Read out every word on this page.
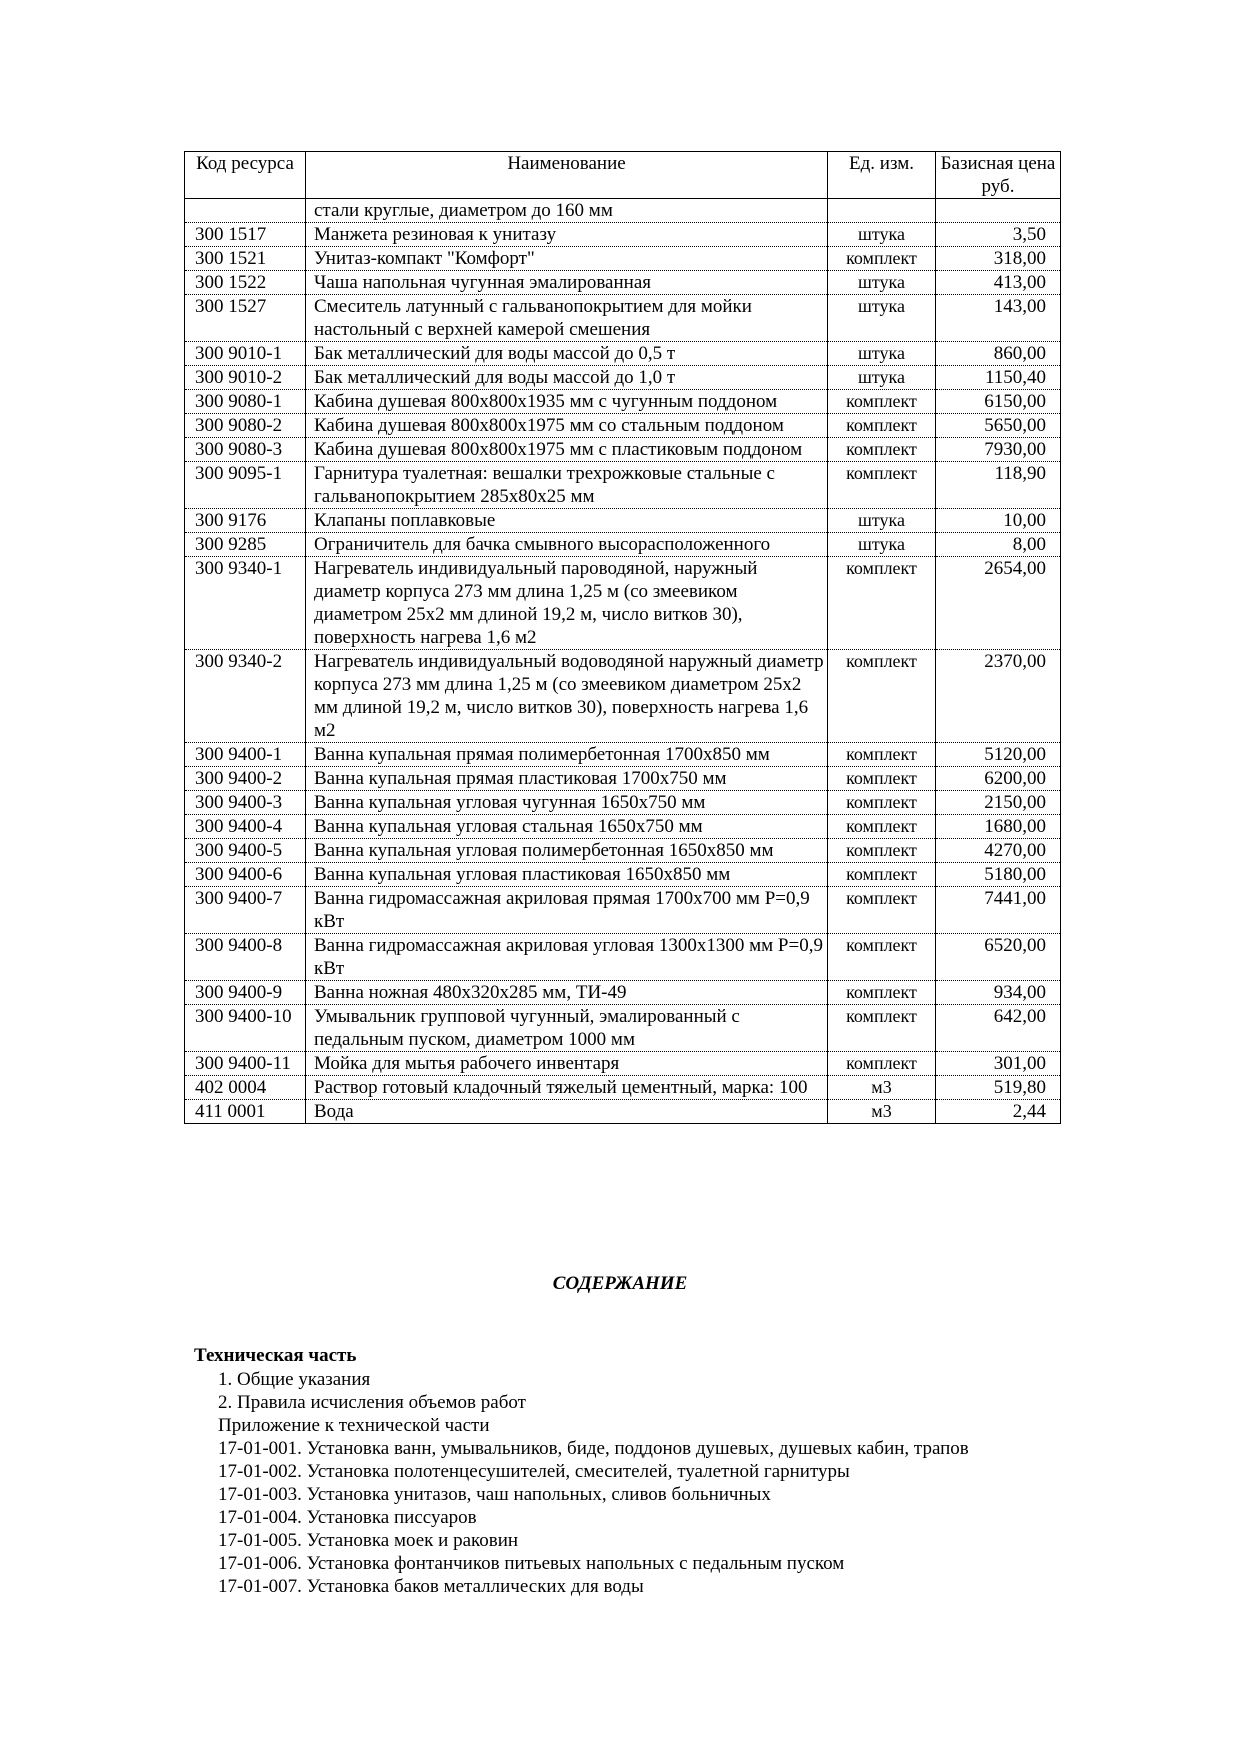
Код ресурса	Наименование	Ед. изм.	Базисная цена руб.
	стали круглые, диаметром до 160 мм		
300 1517	Манжета резиновая к унитазу	штука	3,50
300 1521	Унитаз-компакт "Комфорт"	комплект	318,00
300 1522	Чаша напольная чугунная эмалированная	штука	413,00
300 1527	Смеситель латунный с гальванопокрытием для мойки настольный с верхней камерой смешения	штука	143,00
300 9010-1	Бак металлический для воды массой до 0,5 т	штука	860,00
300 9010-2	Бак металлический для воды массой до 1,0 т	штука	1150,40
300 9080-1	Кабина душевая 800х800х1935 мм с чугунным поддоном	комплект	6150,00
300 9080-2	Кабина душевая 800х800х1975 мм со стальным поддоном	комплект	5650,00
300 9080-3	Кабина душевая 800х800х1975 мм с пластиковым поддоном	комплект	7930,00
300 9095-1	Гарнитура туалетная: вешалки трехрожковые стальные с гальванопокрытием 285х80х25 мм	комплект	118,90
300 9176	Клапаны поплавковые	штука	10,00
300 9285	Ограничитель для бачка смывного высорасположенного	штука	8,00
300 9340-1	Нагреватель индивидуальный пароводяной, наружный диаметр корпуса 273 мм длина 1,25 м (со змеевиком диаметром 25х2 мм длиной 19,2 м, число витков 30), поверхность нагрева 1,6 м2	комплект	2654,00
300 9340-2	Нагреватель индивидуальный водоводяной наружный диаметр корпуса 273 мм длина 1,25 м (со змеевиком диаметром 25х2 мм длиной 19,2 м, число витков 30), поверхность нагрева 1,6 м2	комплект	2370,00
300 9400-1	Ванна купальная прямая полимербетонная 1700х850 мм	комплект	5120,00
300 9400-2	Ванна купальная прямая пластиковая 1700х750 мм	комплект	6200,00
300 9400-3	Ванна купальная угловая чугунная 1650х750 мм	комплект	2150,00
300 9400-4	Ванна купальная угловая стальная 1650х750 мм	комплект	1680,00
300 9400-5	Ванна купальная угловая полимербетонная 1650х850 мм	комплект	4270,00
300 9400-6	Ванна купальная угловая пластиковая 1650х850 мм	комплект	5180,00
300 9400-7	Ванна гидромассажная акриловая прямая 1700х700 мм Р=0,9 кВт	комплект	7441,00
300 9400-8	Ванна гидромассажная акриловая угловая 1300х1300 мм Р=0,9 кВт	комплект	6520,00
300 9400-9	Ванна ножная 480х320х285 мм, ТИ-49	комплект	934,00
300 9400-10	Умывальник групповой чугунный, эмалированный с педальным пуском, диаметром 1000 мм	комплект	642,00
300 9400-11	Мойка для мытья рабочего инвентаря	комплект	301,00
402 0004	Раствор готовый кладочный тяжелый цементный, марка: 100	м3	519,80
411 0001	Вода	м3	2,44
СОДЕРЖАНИЕ
Техническая часть
1. Общие указания
2. Правила исчисления объемов работ
Приложение к технической части
17-01-001. Установка ванн, умывальников, биде, поддонов душевых, душевых кабин, трапов
17-01-002. Установка полотенцесушителей, смесителей, туалетной гарнитуры
17-01-003. Установка унитазов, чаш напольных, сливов больничных
17-01-004. Установка писсуаров
17-01-005. Установка моек и раковин
17-01-006. Установка фонтанчиков питьевых напольных с педальным пуском
17-01-007. Установка баков металлических для воды
